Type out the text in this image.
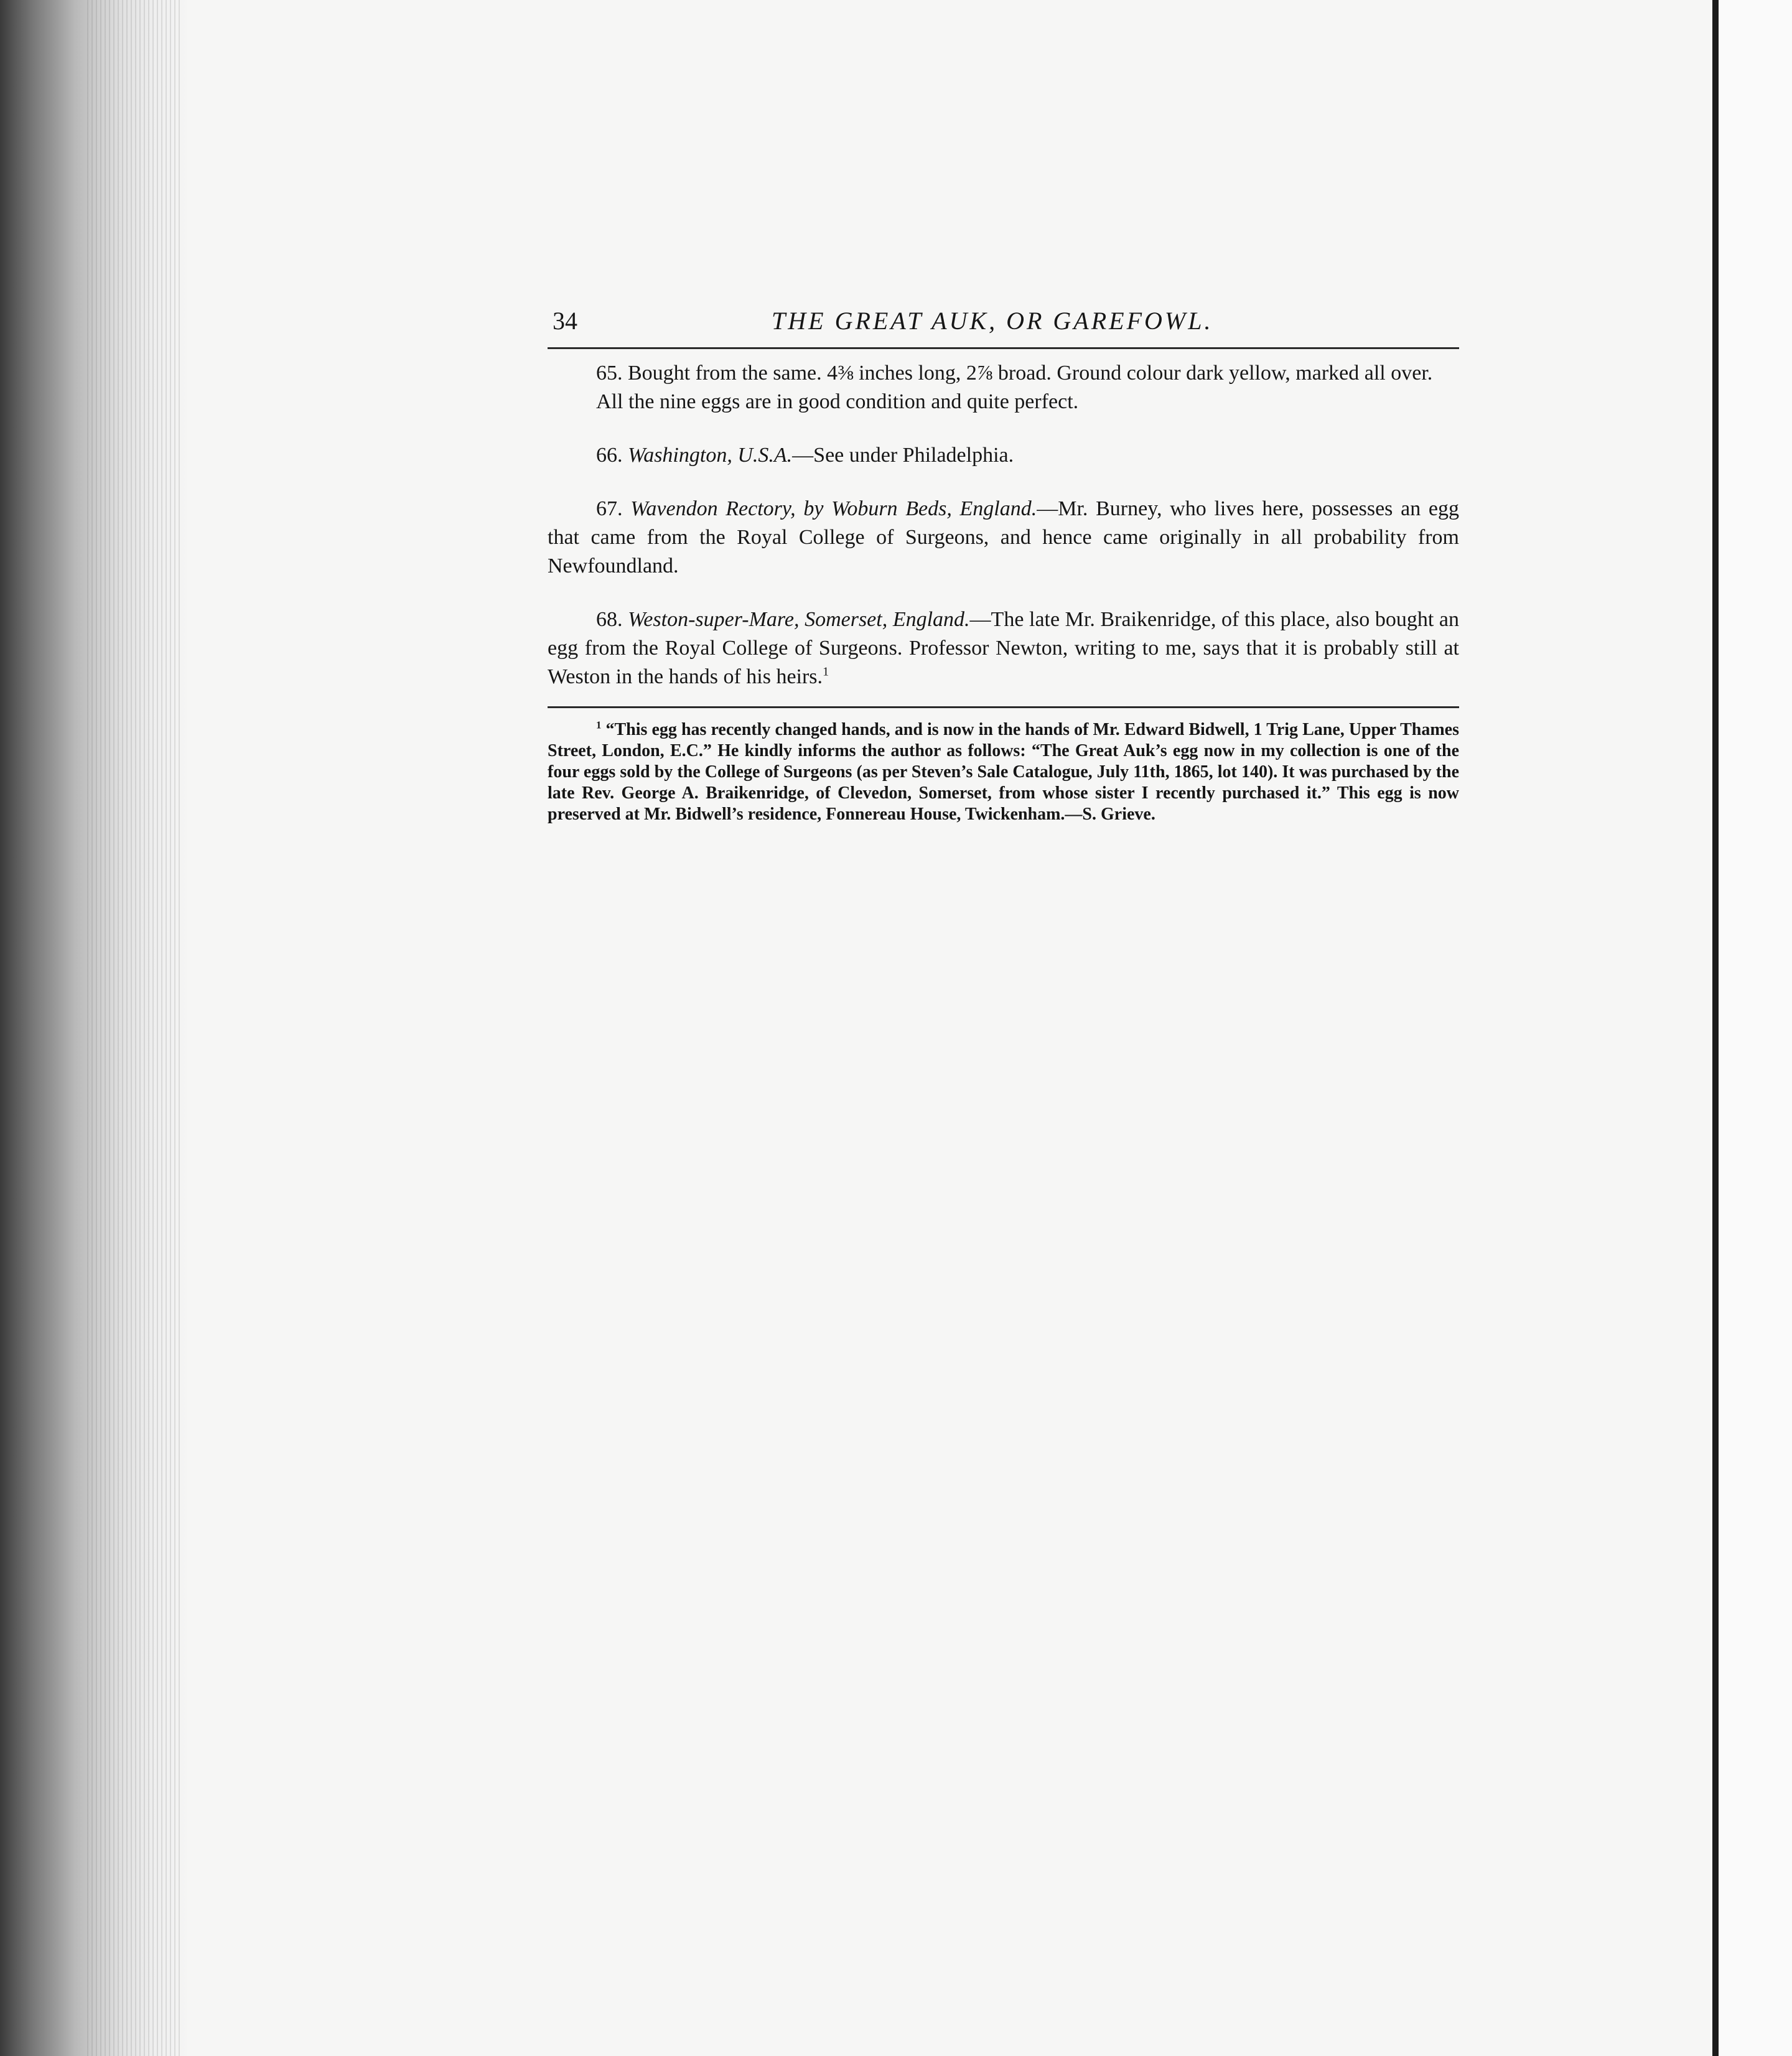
34	THE GREAT AUK, OR GAREFOWL.

65. Bought from the same. 4⅜ inches long, 2⅞ broad. Ground colour dark yellow, marked all over.

All the nine eggs are in good condition and quite perfect.

66. Washington, U.S.A.—See under Philadelphia.

67. Wavendon Rectory, by Woburn Beds, England.—Mr. Burney, who lives here, possesses an egg that came from the Royal College of Surgeons, and hence came originally in all probability from Newfoundland.

68. Weston-super-Mare, Somerset, England.—The late Mr. Braikenridge, of this place, also bought an egg from the Royal College of Surgeons. Professor Newton, writing to me, says that it is probably still at Weston in the hands of his heirs.$^1$

$^1$ “This egg has recently changed hands, and is now in the hands of Mr. Edward Bidwell, 1 Trig Lane, Upper Thames Street, London, E.C.” He kindly informs the author as follows: “The Great Auk’s egg now in my collection is one of the four eggs sold by the College of Surgeons (as per Steven’s Sale Catalogue, July 11th, 1865, lot 140). It was purchased by the late Rev. George A. Braikenridge, of Clevedon, Somerset, from whose sister I recently purchased it.” This egg is now preserved at Mr. Bidwell’s residence, Fonnereau House, Twickenham.—S. Grieve.
